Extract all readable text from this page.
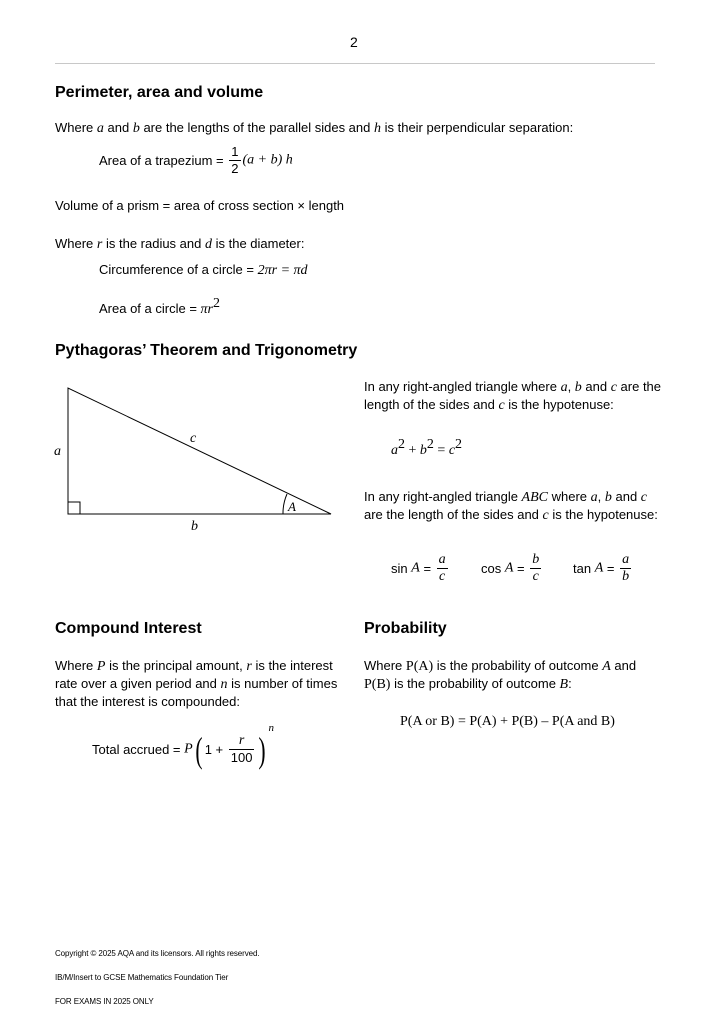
2
Perimeter, area and volume
Where a and b are the lengths of the parallel sides and h is their perpendicular separation:
Area of a trapezium = $\frac{1}{2} (a + b)$ h
Volume of a prism = area of cross section × length
Where r is the radius and d is the diameter:
Circumference of a circle = 2πr = πd
Area of a circle = $\pi r^2$
Pythagoras’ Theorem and Trigonometry
a
c
b
A
In any right-angled triangle where a, b and c are the length of the sides and c is the hypotenuse:
$a^2 + b^2 = c^2$
In any right-angled triangle ABC where a, b and c are the length of the sides and c is the hypotenuse:
$\sin A = \frac{a}{c}$	$\cos A = \frac{b}{c}$ $\tan A = \frac{a}{b}$
Compound Interest
Where P is the principal amount, r is the interest rate over a given period and n is number of times that the interest is compounded:
Total accrued = P( $1 + \frac{r}{100} )^n$
Probability
Where P(A) is the probability of outcome A and P(B) is the probability of outcome B:
P(A or B) = P(A) + P(B) – P(A and B)
Copyright © 2025 AQA and its licensors. All rights reserved.
IB/M/Insert to GCSE Mathematics Foundation Tier
FOR EXAMS IN 2025 ONLY
